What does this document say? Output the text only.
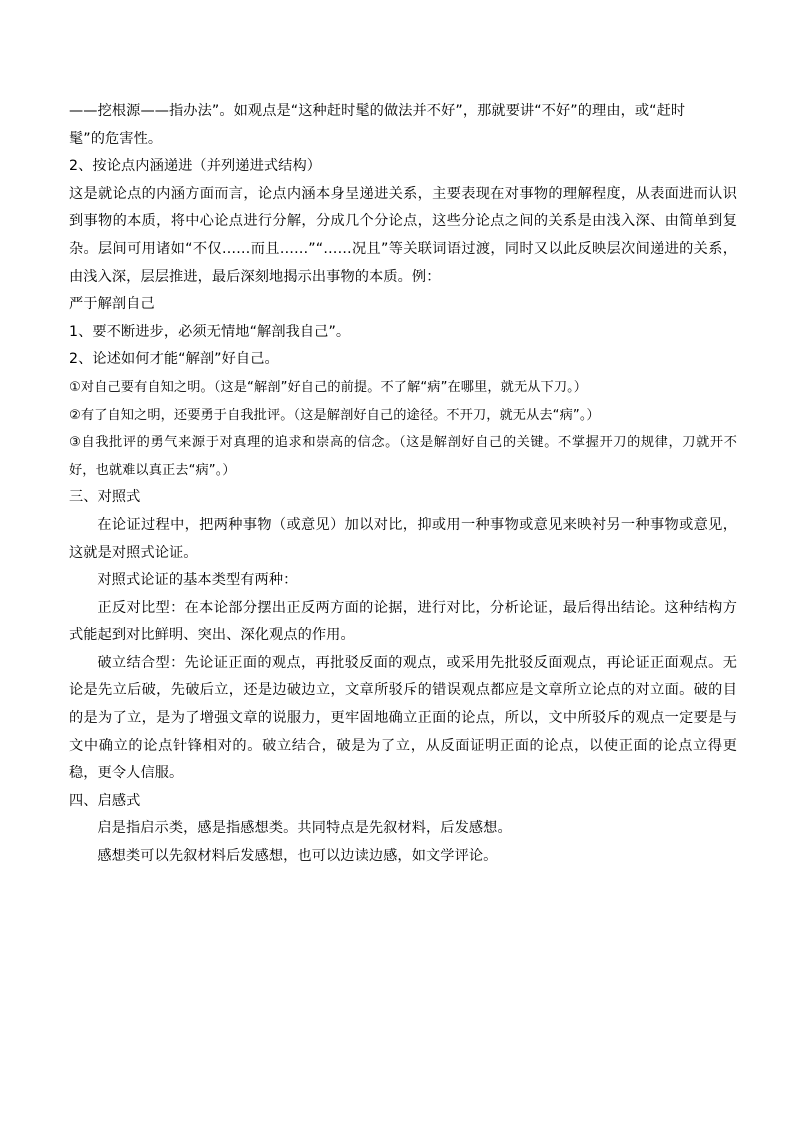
——挖根源——指办法”。如观点是“这种赶时髦的做法并不好”，那就要讲“不好”的理由，或“赶时

髦”的危害性。

2、按论点内涵递进（并列递进式结构）

这是就论点的内涵方面而言，论点内涵本身呈递进关系，主要表现在对事物的理解程度，从表面进而认识到事物的本质，将中心论点进行分解，分成几个分论点，这些分论点之间的关系是由浅入深、由简单到复杂。层间可用诸如“不仅……而且……”“……况且”等关联词语过渡，同时又以此反映层次间递进的关系，由浅入深，层层推进，最后深刻地揭示出事物的本质。例：

严于解剖自己

1、要不断进步，必须无情地“解剖我自己”。

2、论述如何才能“解剖”好自己。

①对自己要有自知之明。（这是“解剖”好自己的前提。不了解“病”在哪里，就无从下刀。）

②有了自知之明，还要勇于自我批评。（这是解剖好自己的途径。不开刀，就无从去“病”。）

③自我批评的勇气来源于对真理的追求和崇高的信念。（这是解剖好自己的关键。不掌握开刀的规律，刀就开不好，也就难以真正去“病”。）

三、对照式

在论证过程中，把两种事物（或意见）加以对比，抑或用一种事物或意见来映衬另一种事物或意见，这就是对照式论证。

对照式论证的基本类型有两种：

正反对比型：在本论部分摆出正反两方面的论据，进行对比，分析论证，最后得出结论。这种结构方式能起到对比鲜明、突出、深化观点的作用。

破立结合型：先论证正面的观点，再批驳反面的观点，或采用先批驳反面观点，再论证正面观点。无论是先立后破，先破后立，还是边破边立，文章所驳斥的错误观点都应是文章所立论点的对立面。破的目的是为了立，是为了增强文章的说服力，更牢固地确立正面的论点，所以，文中所驳斥的观点一定要是与文中确立的论点针锋相对的。破立结合，破是为了立，从反面证明正面的论点，以使正面的论点立得更稳，更令人信服。

四、启感式

启是指启示类，感是指感想类。共同特点是先叙材料，后发感想。

感想类可以先叙材料后发感想，也可以边读边感，如文学评论。
